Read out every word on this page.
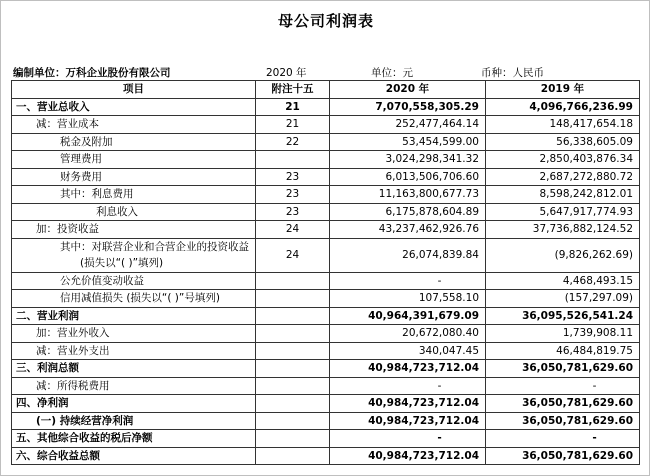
母公司利润表
编制单位：万科企业股份有限公司	2020 年	单位：元	币种：人民币
项目	附注十五	2020 年	2019 年

一、营业总收入	21	7,070,558,305.29	4,096,766,236.99

减：营业成本	21	252,477,464.14	148,417,654.18

税金及附加	22	53,454,599.00	56,338,605.09

管理费用		3,024,298,341.32	2,850,403,876.34

财务费用	23	6,013,506,706.60	2,687,272,880.72

其中：利息费用	23	11,163,800,677.73	8,598,242,812.01

利息收入	23	6,175,878,604.89	5,647,917,774.93

加：投资收益	24	43,237,462,926.76	37,736,882,124.52

其中：对联营企业和合营企业的投资收益
(损失以“( )”填列)	24	26,074,839.84	(9,826,262.69)

公允价值变动收益		-	4,468,493.15

信用减值损失 (损失以“( )”号填列)		107,558.10	(157,297.09)

二、营业利润		40,964,391,679.09	36,095,526,541.24

加：营业外收入		20,672,080.40	1,739,908.11

减：营业外支出		340,047.45	46,484,819.75

三、利润总额		40,984,723,712.04	36,050,781,629.60

减：所得税费用		-	-

四、净利润		40,984,723,712.04	36,050,781,629.60

(一) 持续经营净利润		40,984,723,712.04	36,050,781,629.60

五、其他综合收益的税后净额		-	-

六、综合收益总额		40,984,723,712.04	36,050,781,629.60
